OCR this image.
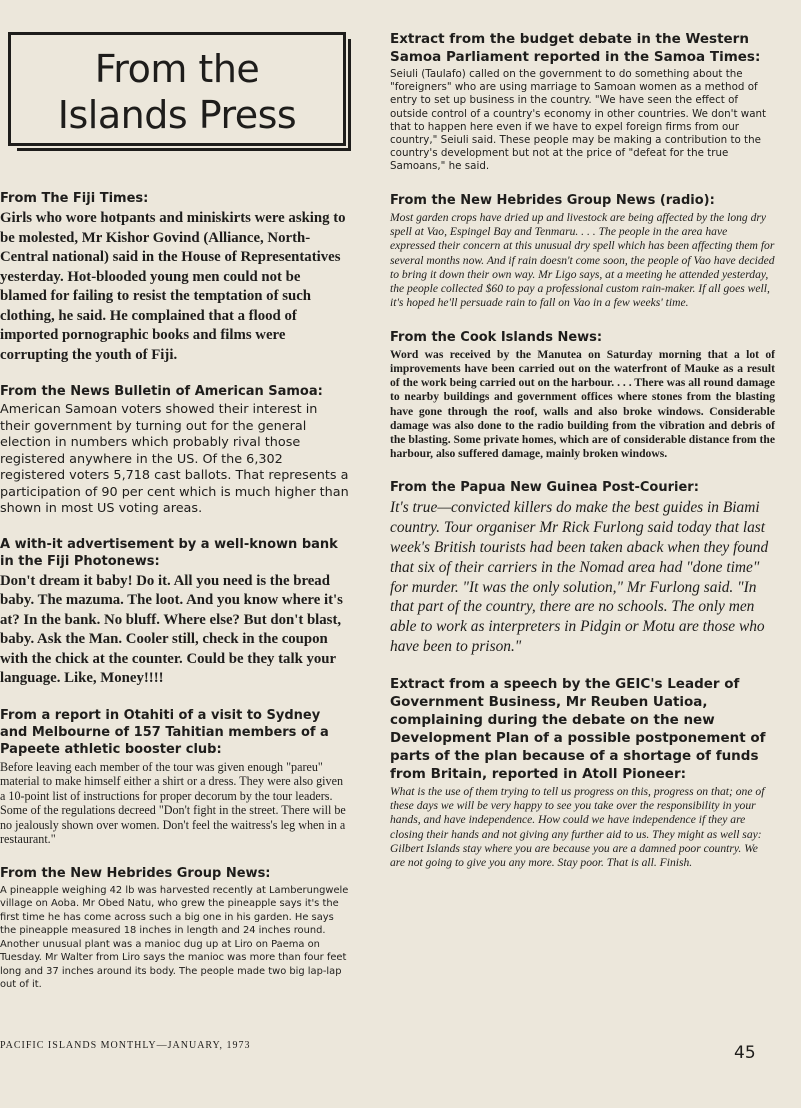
From the
Islands Press
From The Fiji Times:
Girls who wore hotpants and miniskirts were asking to be molested, Mr Kishor Govind (Alliance, North-Central national) said in the House of Representatives yesterday. Hot-blooded young men could not be blamed for failing to resist the temptation of such clothing, he said. He complained that a flood of imported pornographic books and films were corrupting the youth of Fiji.
From the News Bulletin of American Samoa:
American Samoan voters showed their interest in their government by turning out for the general election in numbers which probably rival those registered anywhere in the US. Of the 6,302 registered voters 5,718 cast ballots. That represents a participation of 90 per cent which is much higher than shown in most US voting areas.
A with-it advertisement by a well-known bank in the Fiji Photonews:
Don't dream it baby! Do it. All you need is the bread baby. The mazuma. The loot. And you know where it's at? In the bank. No bluff. Where else? But don't blast, baby. Ask the Man. Cooler still, check in the coupon with the chick at the counter. Could be they talk your language. Like, Money!!!!
From a report in Otahiti of a visit to Sydney and Melbourne of 157 Tahitian members of a Papeete athletic booster club:
Before leaving each member of the tour was given enough "pareu" material to make himself either a shirt or a dress. They were also given a 10-point list of instructions for proper decorum by the tour leaders. Some of the regulations decreed "Don't fight in the street. There will be no jealously shown over women. Don't feel the waitress's leg when in a restaurant."
From the New Hebrides Group News:
A pineapple weighing 42 lb was harvested recently at Lamberungwele village on Aoba. Mr Obed Natu, who grew the pineapple says it's the first time he has come across such a big one in his garden. He says the pineapple measured 18 inches in length and 24 inches round. Another unusual plant was a manioc dug up at Liro on Paema on Tuesday. Mr Walter from Liro says the manioc was more than four feet long and 37 inches around its body. The people made two big lap-lap out of it.
Extract from the budget debate in the Western Samoa Parliament reported in the Samoa Times:
Seiuli (Taulafo) called on the government to do something about the "foreigners" who are using marriage to Samoan women as a method of entry to set up business in the country. "We have seen the effect of outside control of a country's economy in other countries. We don't want that to happen here even if we have to expel foreign firms from our country," Seiuli said. These people may be making a contribution to the country's development but not at the price of "defeat for the true Samoans," he said.
From the New Hebrides Group News (radio):
Most garden crops have dried up and livestock are being affected by the long dry spell at Vao, Espingel Bay and Tenmaru. . . . The people in the area have expressed their concern at this unusual dry spell which has been affecting them for several months now. And if rain doesn't come soon, the people of Vao have decided to bring it down their own way. Mr Ligo says, at a meeting he attended yesterday, the people collected $60 to pay a professional custom rain-maker. If all goes well, it's hoped he'll persuade rain to fall on Vao in a few weeks' time.
From the Cook Islands News:
Word was received by the Manutea on Saturday morning that a lot of improvements have been carried out on the waterfront of Mauke as a result of the work being carried out on the harbour. . . . There was all round damage to nearby buildings and government offices where stones from the blasting have gone through the roof, walls and also broke windows. Considerable damage was also done to the radio building from the vibration and debris of the blasting. Some private homes, which are of considerable distance from the harbour, also suffered damage, mainly broken windows.
From the Papua New Guinea Post-Courier:
It's true—convicted killers do make the best guides in Biami country. Tour organiser Mr Rick Furlong said today that last week's British tourists had been taken aback when they found that six of their carriers in the Nomad area had "done time" for murder. "It was the only solution," Mr Furlong said. "In that part of the country, there are no schools. The only men able to work as interpreters in Pidgin or Motu are those who have been to prison."
Extract from a speech by the GEIC's Leader of Government Business, Mr Reuben Uatioa, complaining during the debate on the new Development Plan of a possible postponement of parts of the plan because of a shortage of funds from Britain, reported in Atoll Pioneer:
What is the use of them trying to tell us progress on this, progress on that; one of these days we will be very happy to see you take over the responsibility in your hands, and have independence. How could we have independence if they are closing their hands and not giving any further aid to us. They might as well say: Gilbert Islands stay where you are because you are a damned poor country. We are not going to give you any more. Stay poor. That is all. Finish.
PACIFIC ISLANDS MONTHLY—JANUARY, 1973	45
